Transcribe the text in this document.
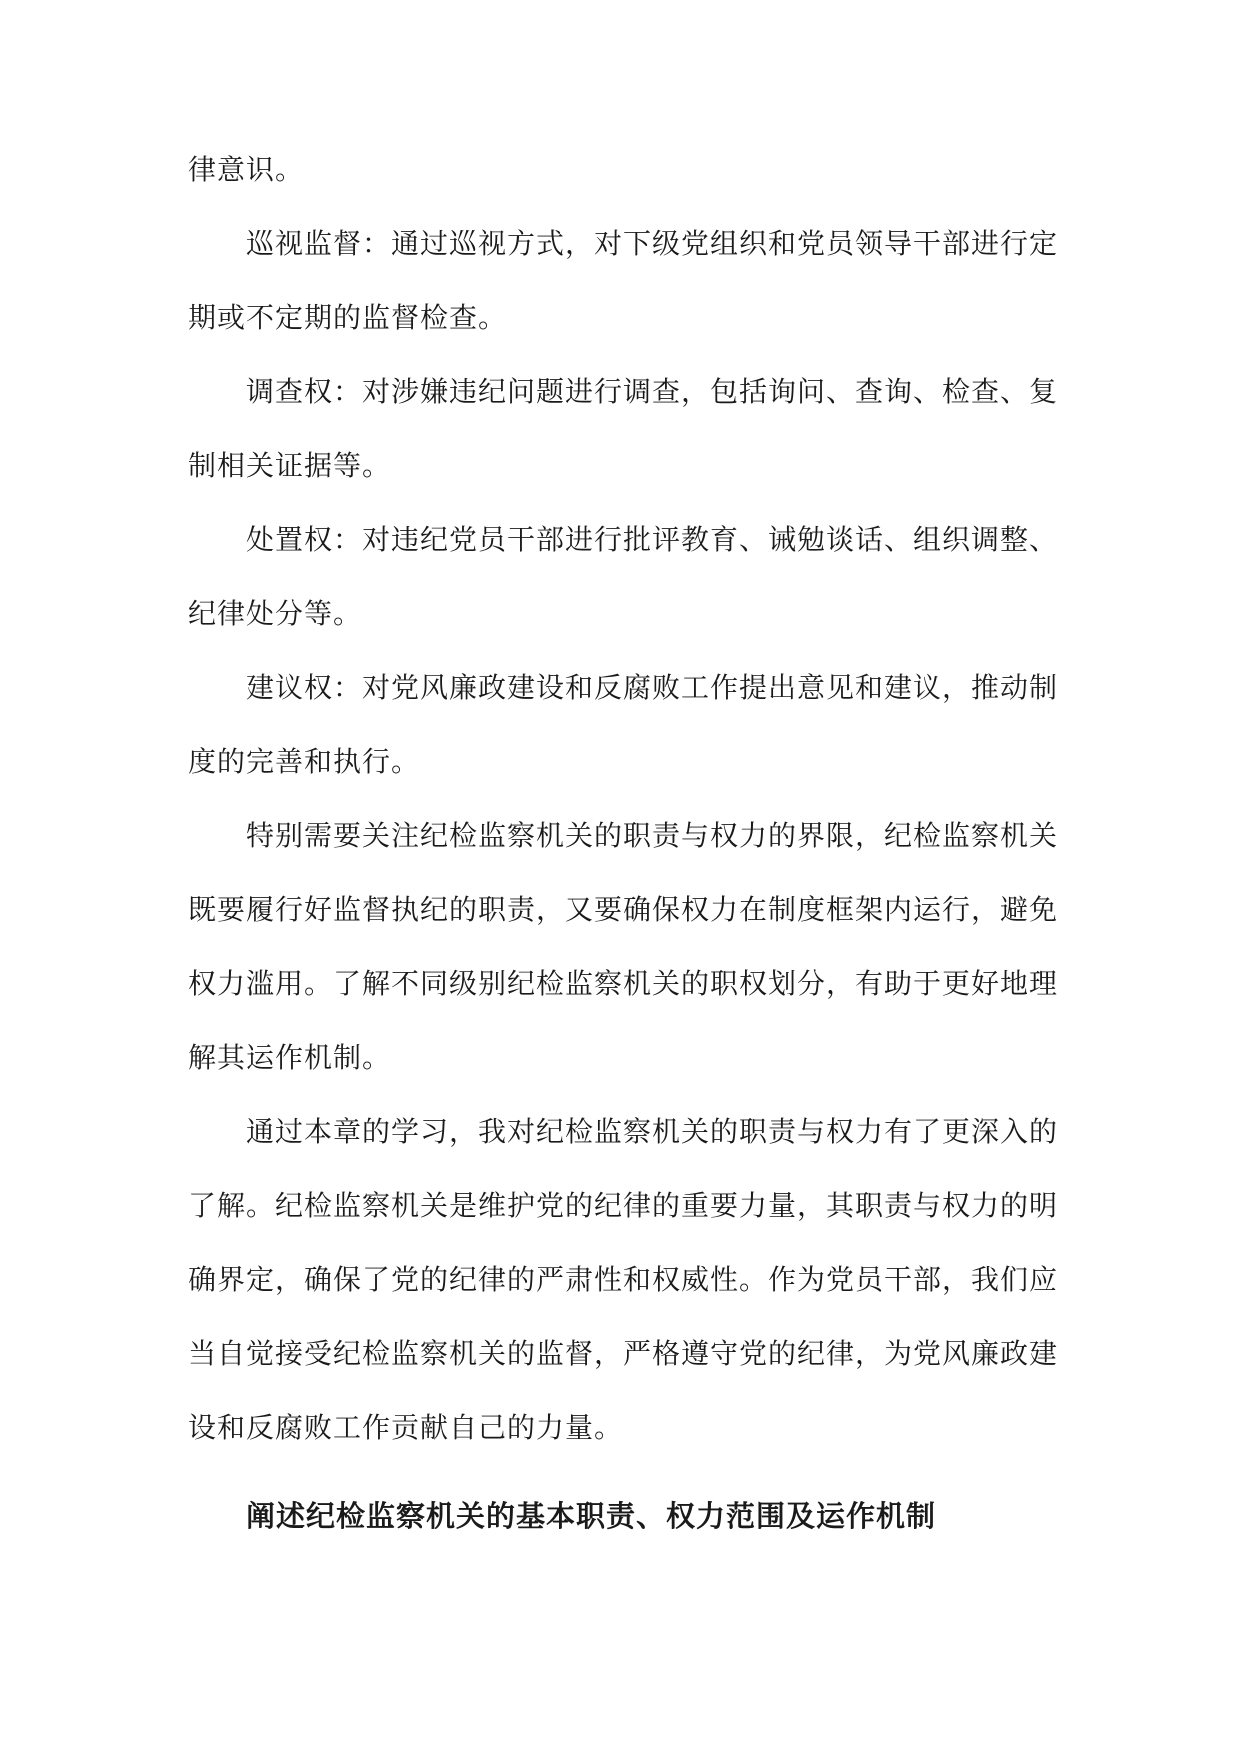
律意识。
巡视监督：通过巡视方式，对下级党组织和党员领导干部进行定
期或不定期的监督检查。
调查权：对涉嫌违纪问题进行调查，包括询问、查询、检查、复
制相关证据等。
处置权：对违纪党员干部进行批评教育、诫勉谈话、组织调整、
纪律处分等。
建议权：对党风廉政建设和反腐败工作提出意见和建议，推动制
度的完善和执行。
特别需要关注纪检监察机关的职责与权力的界限，纪检监察机关
既要履行好监督执纪的职责，又要确保权力在制度框架内运行，避免
权力滥用。了解不同级别纪检监察机关的职权划分，有助于更好地理
解其运作机制。
通过本章的学习，我对纪检监察机关的职责与权力有了更深入的
了解。纪检监察机关是维护党的纪律的重要力量，其职责与权力的明
确界定，确保了党的纪律的严肃性和权威性。作为党员干部，我们应
当自觉接受纪检监察机关的监督，严格遵守党的纪律，为党风廉政建
设和反腐败工作贡献自己的力量。
阐述纪检监察机关的基本职责、权力范围及运作机制
